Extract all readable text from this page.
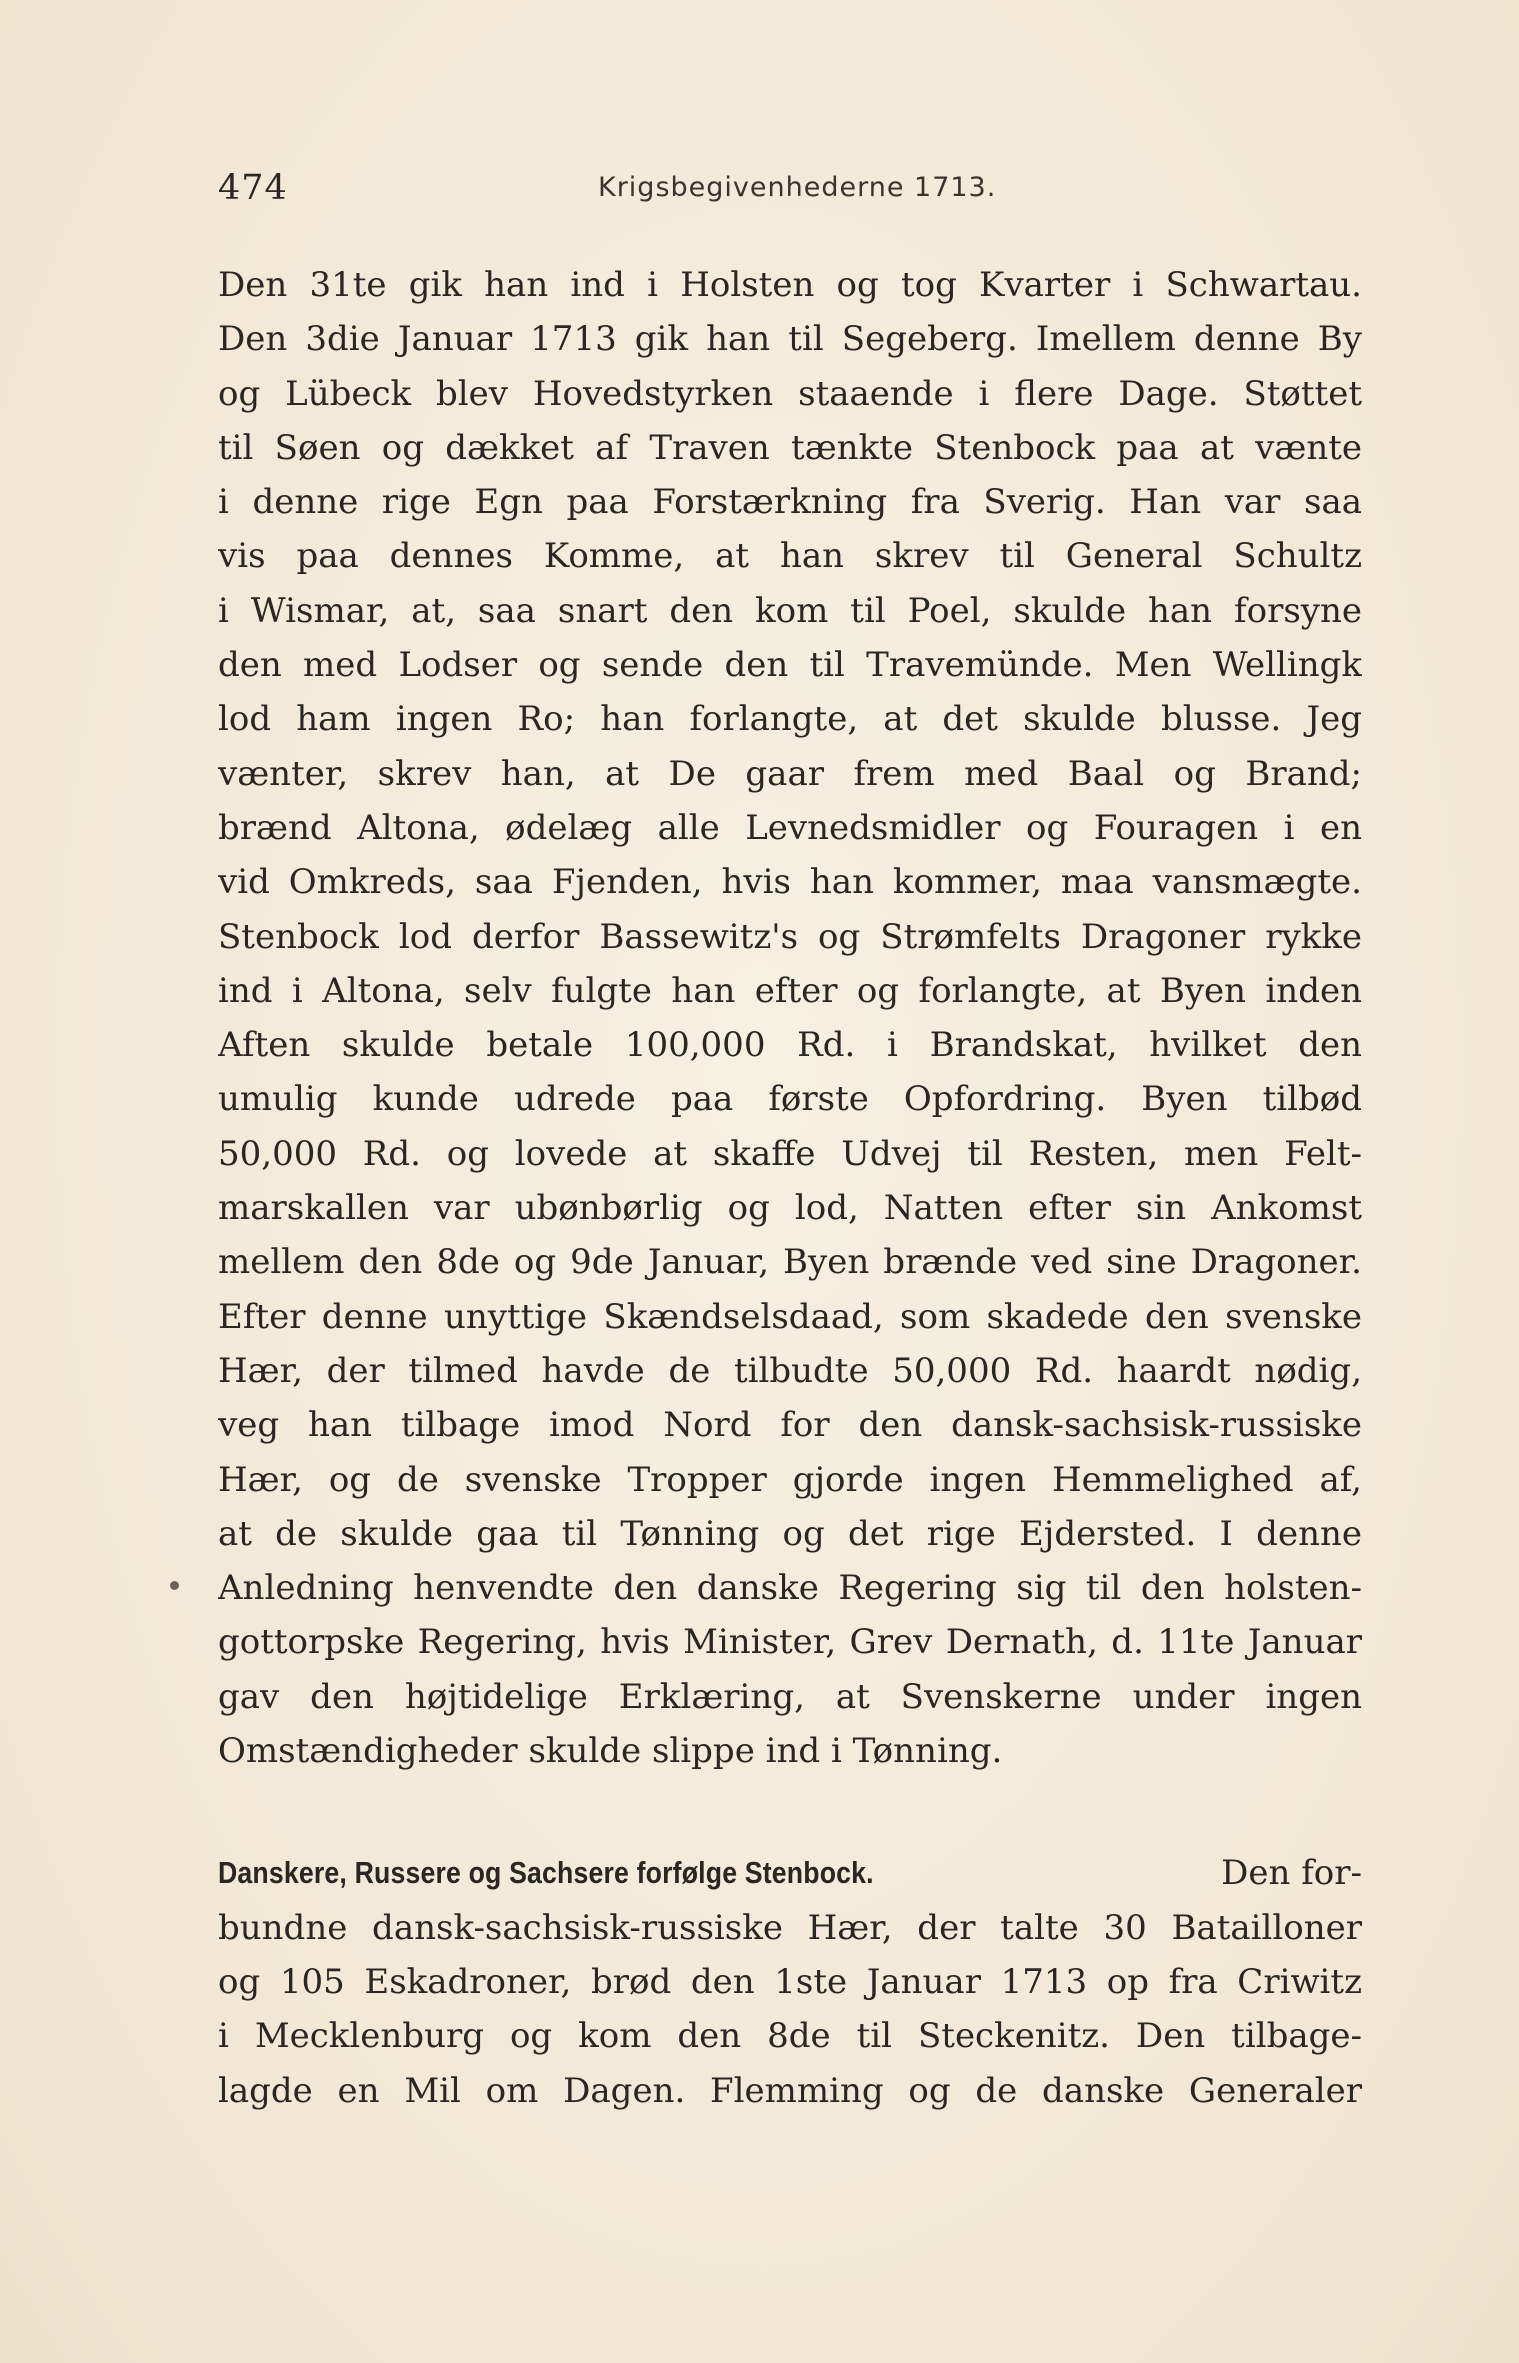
474	Krigsbegivenhederne 1713.
Den 31te gik han ind i Holsten og tog Kvarter i Schwartau.
Den 3die Januar 1713 gik han til Segeberg. Imellem denne By
og Lübeck blev Hovedstyrken staaende i flere Dage. Støttet
til Søen og dækket af Traven tænkte Stenbock paa at vænte
i denne rige Egn paa Forstærkning fra Sverig. Han var saa
vis paa dennes Komme, at han skrev til General Schultz
i Wismar, at, saa snart den kom til Poel, skulde han forsyne
den med Lodser og sende den til Travemünde. Men Wellingk
lod ham ingen Ro; han forlangte, at det skulde blusse. Jeg
vænter, skrev han, at De gaar frem med Baal og Brand;
brænd Altona, ødelæg alle Levnedsmidler og Fouragen i en
vid Omkreds, saa Fjenden, hvis han kommer, maa vansmægte.
Stenbock lod derfor Bassewitz's og Strømfelts Dragoner rykke
ind i Altona, selv fulgte han efter og forlangte, at Byen inden
Aften skulde betale 100,000 Rd. i Brandskat, hvilket den
umulig kunde udrede paa første Opfordring. Byen tilbød
50,000 Rd. og lovede at skaffe Udvej til Resten, men Felt-
marskallen var ubønbørlig og lod, Natten efter sin Ankomst
mellem den 8de og 9de Januar, Byen brænde ved sine Dragoner.
Efter denne unyttige Skændselsdaad, som skadede den svenske
Hær, der tilmed havde de tilbudte 50,000 Rd. haardt nødig,
veg han tilbage imod Nord for den dansk-sachsisk-russiske
Hær, og de svenske Tropper gjorde ingen Hemmelighed af,
at de skulde gaa til Tønning og det rige Ejdersted. I denne
Anledning henvendte den danske Regering sig til den holsten-
gottorpske Regering, hvis Minister, Grev Dernath, d. 11te Januar
gav den højtidelige Erklæring, at Svenskerne under ingen
Omstændigheder skulde slippe ind i Tønning.
Danskere, Russere og Sachsere forfølge Stenbock.	Den for-
bundne dansk-sachsisk-russiske Hær, der talte 30 Batailloner
og 105 Eskadroner, brød den 1ste Januar 1713 op fra Criwitz
i Mecklenburg og kom den 8de til Steckenitz. Den tilbage-
lagde en Mil om Dagen. Flemming og de danske Generaler
